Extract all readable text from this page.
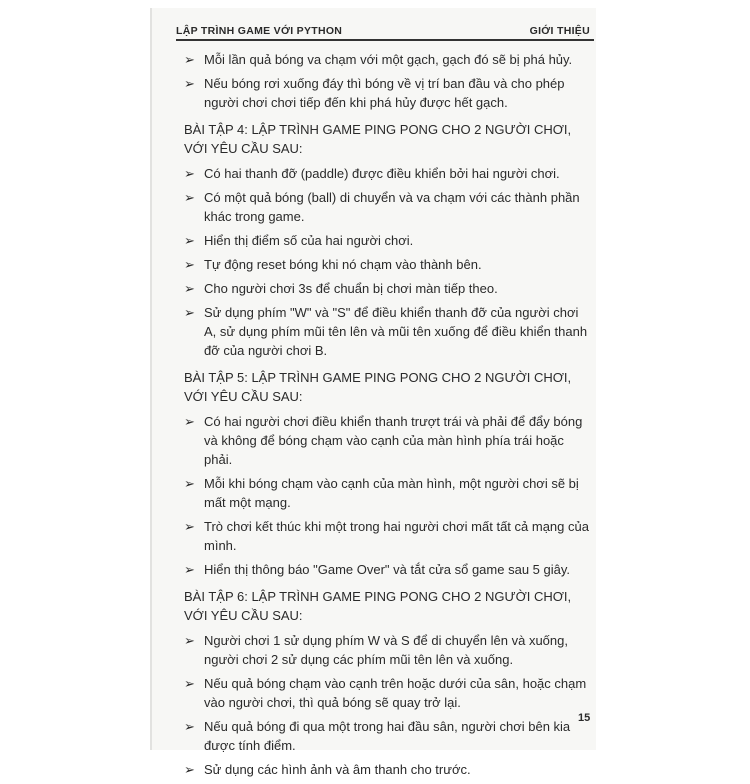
LẬP TRÌNH GAME VỚI PYTHON	GIỚI THIỆU
➢ Mỗi lần quả bóng va chạm với một gạch, gạch đó sẽ bị phá hủy.
➢ Nếu bóng rơi xuống đáy thì bóng về vị trí ban đầu và cho phép người chơi chơi tiếp đến khi phá hủy được hết gạch.
BÀI TẬP 4: LẬP TRÌNH GAME PING PONG CHO 2 NGƯỜI CHƠI, VỚI YÊU CẦU SAU:
➢ Có hai thanh đỡ (paddle) được điều khiển bởi hai người chơi.
➢ Có một quả bóng (ball) di chuyển và va chạm với các thành phần khác trong game.
➢ Hiển thị điểm số của hai người chơi.
➢ Tự động reset bóng khi nó chạm vào thành bên.
➢ Cho người chơi 3s để chuẩn bị chơi màn tiếp theo.
➢ Sử dụng phím "W" và "S" để điều khiển thanh đỡ của người chơi A, sử dụng phím mũi tên lên và mũi tên xuống để điều khiển thanh đỡ của người chơi B.
BÀI TẬP 5: LẬP TRÌNH GAME PING PONG CHO 2 NGƯỜI CHƠI, VỚI YÊU CẦU SAU:
➢ Có hai người chơi điều khiển thanh trượt trái và phải để đẩy bóng và không để bóng chạm vào cạnh của màn hình phía trái hoặc phải.
➢ Mỗi khi bóng chạm vào cạnh của màn hình, một người chơi sẽ bị mất một mạng.
➢ Trò chơi kết thúc khi một trong hai người chơi mất tất cả mạng của mình.
➢ Hiển thị thông báo "Game Over" và tắt cửa sổ game sau 5 giây.
BÀI TẬP 6: LẬP TRÌNH GAME PING PONG CHO 2 NGƯỜI CHƠI, VỚI YÊU CẦU SAU:
➢ Người chơi 1 sử dụng phím W và S để di chuyển lên và xuống, người chơi 2 sử dụng các phím mũi tên lên và xuống.
➢ Nếu quả bóng chạm vào cạnh trên hoặc dưới của sân, hoặc chạm vào người chơi, thì quả bóng sẽ quay trở lại.
➢ Nếu quả bóng đi qua một trong hai đầu sân, người chơi bên kia được tính điểm.
➢ Sử dụng các hình ảnh và âm thanh cho trước.
15
